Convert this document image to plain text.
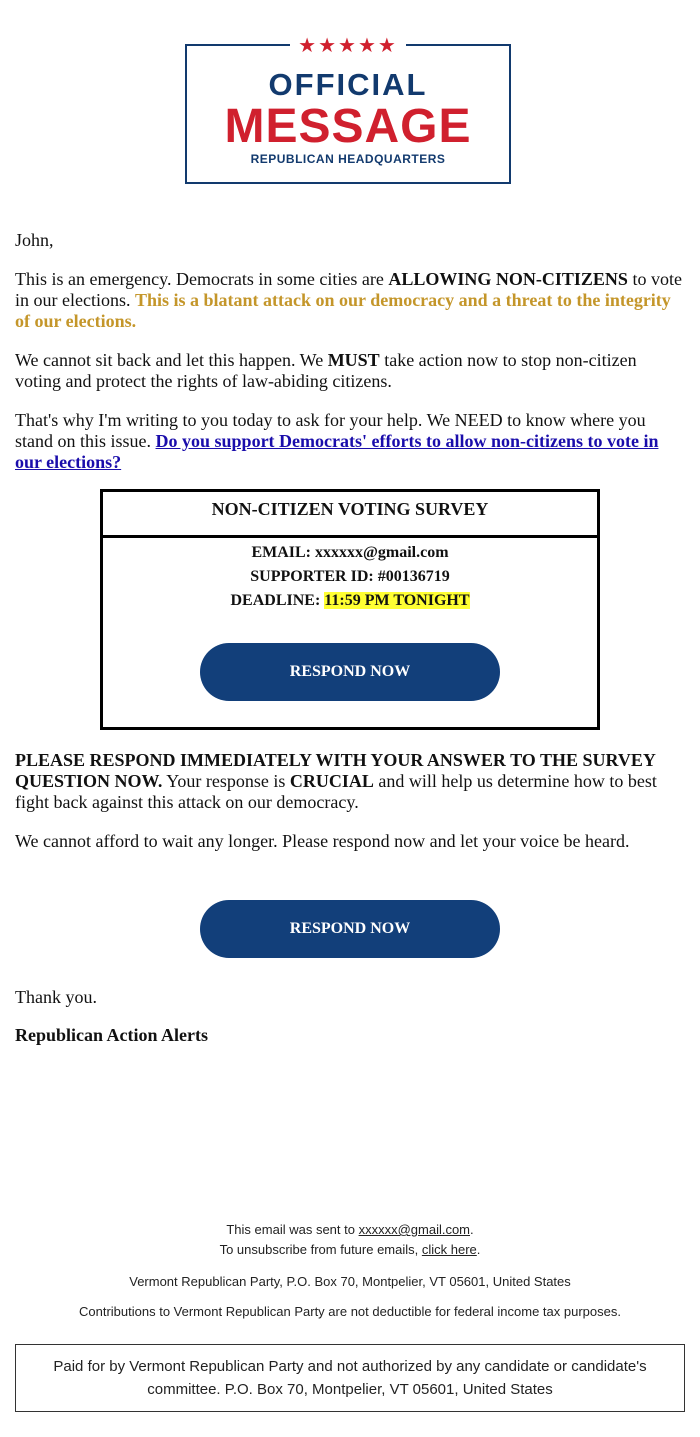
★★★★★
OFFICIAL
MESSAGE
REPUBLICAN HEADQUARTERS

John,

This is an emergency. Democrats in some cities are ALLOWING NON-CITIZENS to vote in our elections. This is a blatant attack on our democracy and a threat to the integrity of our elections.

We cannot sit back and let this happen. We MUST take action now to stop non-citizen voting and protect the rights of law-abiding citizens.

That's why I'm writing to you today to ask for your help. We NEED to know where you stand on this issue. Do you support Democrats' efforts to allow non-citizens to vote in our elections?

NON-CITIZEN VOTING SURVEY
EMAIL: xxxxxx@gmail.com
SUPPORTER ID: #00136719
DEADLINE: 11:59 PM TONIGHT
RESPOND NOW

PLEASE RESPOND IMMEDIATELY WITH YOUR ANSWER TO THE SURVEY QUESTION NOW. Your response is CRUCIAL and will help us determine how to best fight back against this attack on our democracy.

We cannot afford to wait any longer. Please respond now and let your voice be heard.

RESPOND NOW

Thank you.

Republican Action Alerts

This email was sent to xxxxxx@gmail.com.
To unsubscribe from future emails, click here.
Vermont Republican Party, P.O. Box 70, Montpelier, VT 05601, United States
Contributions to Vermont Republican Party are not deductible for federal income tax purposes.
Paid for by Vermont Republican Party and not authorized by any candidate or candidate's committee. P.O. Box 70, Montpelier, VT 05601, United States
